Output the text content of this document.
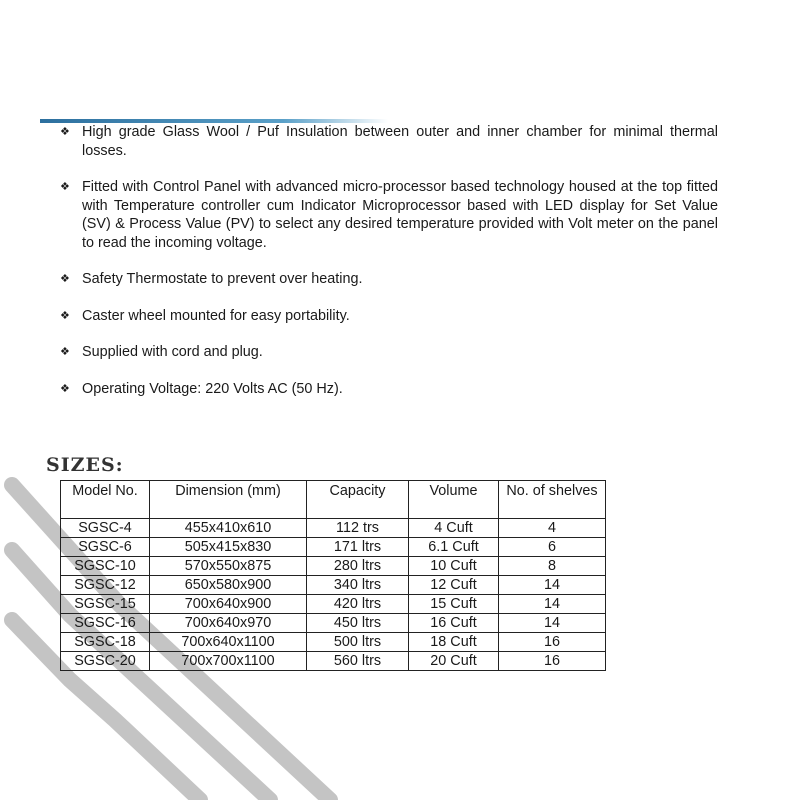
❖ High grade Glass Wool / Puf Insulation between outer and inner chamber for minimal thermal losses.
❖ Fitted with Control Panel with advanced micro-processor based technology housed at the top fitted with Temperature controller cum Indicator Microprocessor based with LED display for Set Value (SV) & Process Value (PV) to select any desired temperature provided with Volt meter on the panel to read the incoming voltage.
❖ Safety Thermostate to prevent over heating.
❖ Caster wheel mounted for easy portability.
❖ Supplied with cord and plug.
❖ Operating Voltage: 220 Volts AC (50 Hz).
SIZES:
Model No.	Dimension (mm)	Capacity	Volume	No. of shelves
SGSC-4	455x410x610	112 trs	4 Cuft	4
SGSC-6	505x415x830	171 ltrs	6.1 Cuft	6
SGSC-10	570x550x875	280 ltrs	10 Cuft	8
SGSC-12	650x580x900	340 ltrs	12 Cuft	14
SGSC-15	700x640x900	420 ltrs	15 Cuft	14
SGSC-16	700x640x970	450 ltrs	16 Cuft	14
SGSC-18	700x640x1100	500 ltrs	18 Cuft	16
SGSC-20	700x700x1100	560 ltrs	20 Cuft	16
